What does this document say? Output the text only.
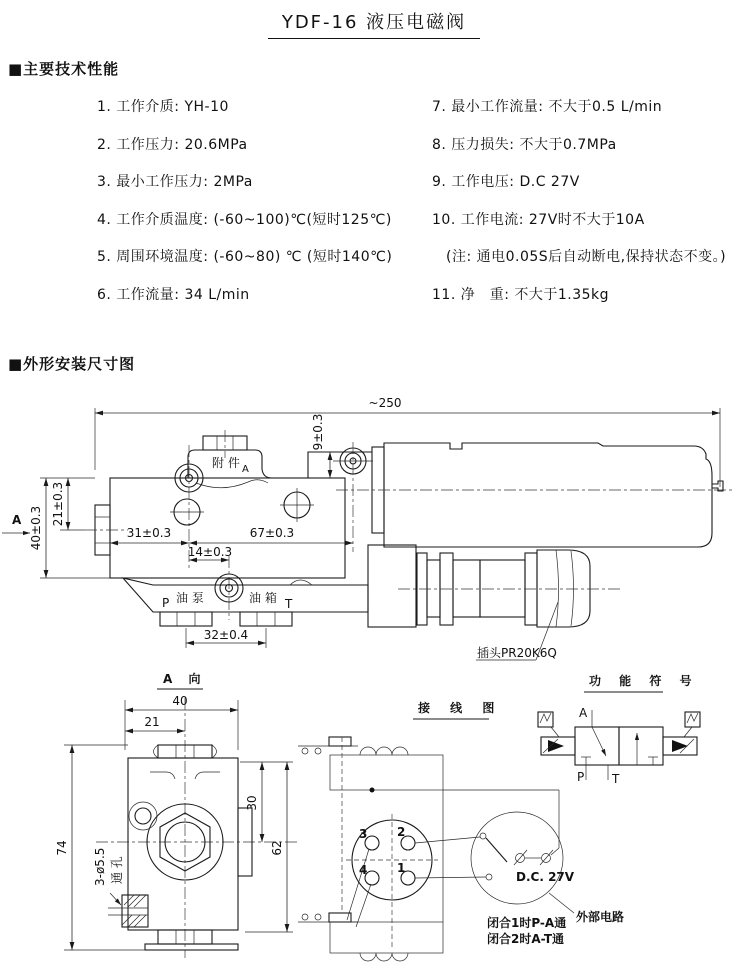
~250
附 件 A
9±0.3
P 油 泵	油 箱 T
32±0.4
31±0.3	67±0.3
14±0.3
21±0.3
40±0.3
A
插头PR20K6Q
A 向
40
21
3-ø5.5 通 孔
74
30
62
接 线 图
3 2
4 1
D.C. 27V
外部电路
闭合1时P-A通
闭合2时A-T通
功 能 符 号
A
P T
YDF-16 液压电磁阀
■主要技术性能
1. 工作介质: YH-10
2. 工作压力: 20.6MPa
3. 最小工作压力: 2MPa
4. 工作介质温度: (-60~100)℃(短时125℃)
5. 周围环境温度: (-60~80) ℃ (短时140℃)
6. 工作流量: 34 L/min
7. 最小工作流量: 不大于0.5 L/min
8. 压力损失: 不大于0.7MPa
9. 工作电压: D.C 27V
10. 工作电流: 27V时不大于10A
(注: 通电0.05S后自动断电,保持状态不变。)
11. 净　重: 不大于1.35kg
■外形安装尺寸图
